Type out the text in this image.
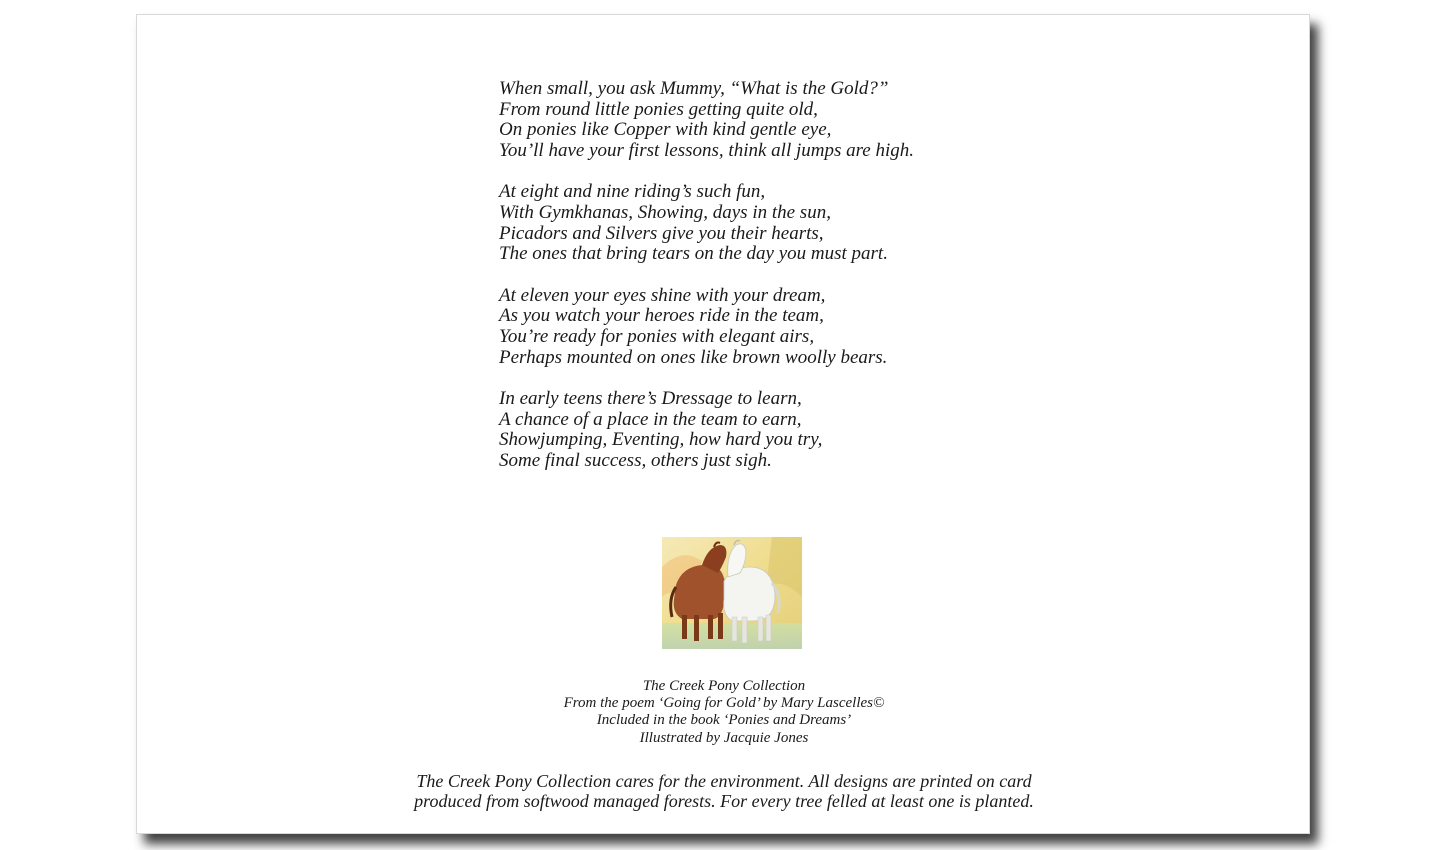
When small, you ask Mummy, “What is the Gold?”
From round little ponies getting quite old,
On ponies like Copper with kind gentle eye,
You’ll have your first lessons, think all jumps are high.
At eight and nine riding’s such fun,
With Gymkhanas, Showing, days in the sun,
Picadors and Silvers give you their hearts,
The ones that bring tears on the day you must part.
At eleven your eyes shine with your dream,
As you watch your heroes ride in the team,
You’re ready for ponies with elegant airs,
Perhaps mounted on ones like brown woolly bears.
In early teens there’s Dressage to learn,
A chance of a place in the team to earn,
Showjumping, Eventing, how hard you try,
Some final success, others just sigh.
The Creek Pony Collection
From the poem ‘Going for Gold’ by Mary Lascelles©
Included in the book ‘Ponies and Dreams’
Illustrated by Jacquie Jones
The Creek Pony Collection cares for the environment. All designs are printed on card
produced from softwood managed forests. For every tree felled at least one is planted.
